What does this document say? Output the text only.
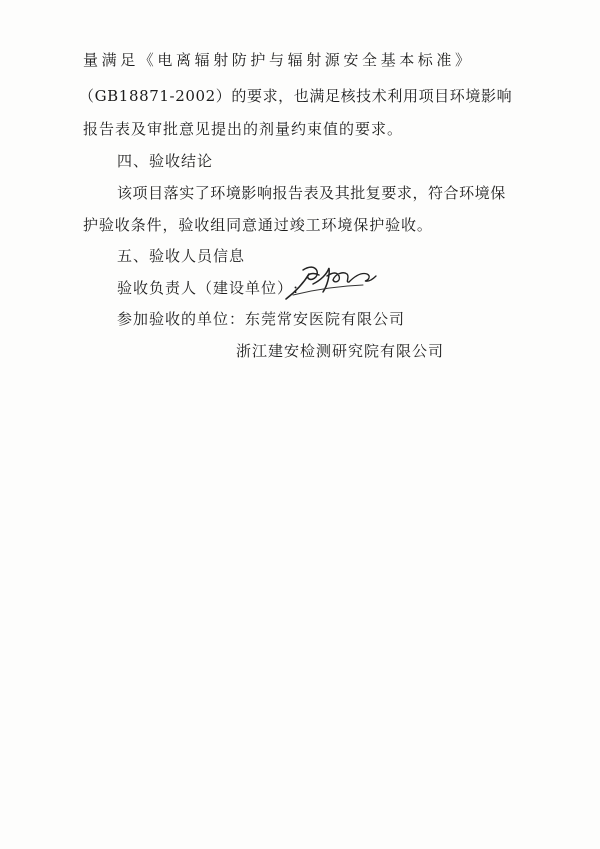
量满足《电离辐射防护与辐射源安全基本标准》

（GB18871-2002）的要求，也满足核技术利用项目环境影响

报告表及审批意见提出的剂量约束值的要求。

四、验收结论

该项目落实了环境影响报告表及其批复要求，符合环境保

护验收条件，验收组同意通过竣工环境保护验收。

五、验收人员信息

验收负责人（建设单位）:

参加验收的单位：东莞常安医院有限公司

浙江建安检测研究院有限公司
